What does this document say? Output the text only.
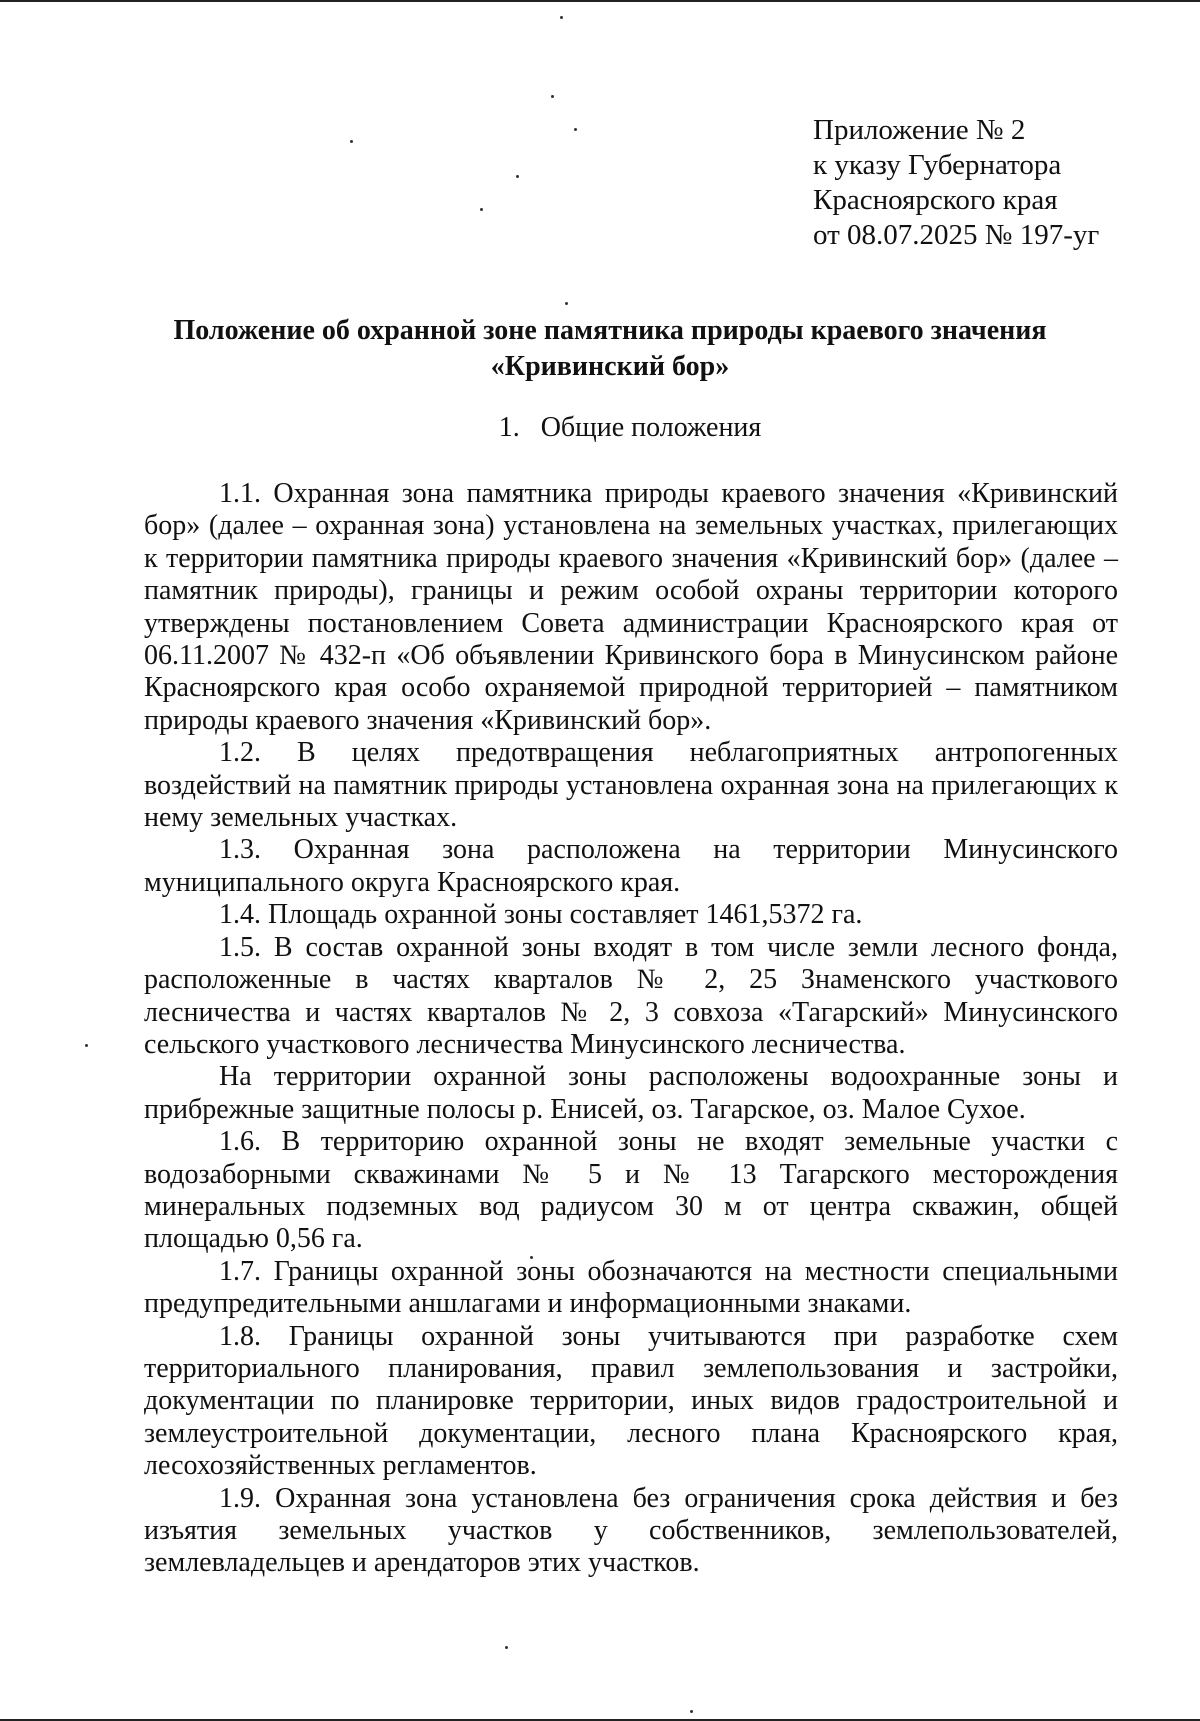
Приложение № 2
к указу Губернатора
Красноярского края
от 08.07.2025 № 197-уг
Положение об охранной зоне памятника природы краевого значения
«Кривинский бор»
1.   Общие положения

1.1. Охранная зона памятника природы краевого значения «Кривинский бор» (далее – охранная зона) установлена на земельных участках, прилегающих к территории памятника природы краевого значения «Кривинский бор» (далее – памятник природы), границы и режим особой охраны территории которого утверждены постановлением Совета администрации Красноярского края от 06.11.2007 № 432-п «Об объявлении Кривинского бора в Минусинском районе Красноярского края особо охраняемой природной территорией – памятником природы краевого значения «Кривинский бор».

1.2. В целях предотвращения неблагоприятных антропогенных воздействий на памятник природы установлена охранная зона на прилегающих к нему земельных участках.

1.3. Охранная зона расположена на территории Минусинского муниципального округа Красноярского края.

1.4. Площадь охранной зоны составляет 1461,5372 га.

1.5. В состав охранной зоны входят в том числе земли лесного фонда, расположенные в частях кварталов № 2, 25 Знаменского участкового лесничества и частях кварталов № 2, 3 совхоза «Тагарский» Минусинского сельского участкового лесничества Минусинского лесничества.

На территории охранной зоны расположены водоохранные зоны и прибрежные защитные полосы р. Енисей, оз. Тагарское, оз. Малое Сухое.

1.6. В территорию охранной зоны не входят земельные участки с водозаборными скважинами № 5 и № 13 Тагарского месторождения минеральных подземных вод радиусом 30 м от центра скважин, общей площадью 0,56 га.

1.7. Границы охранной зоны обозначаются на местности специальными предупредительными аншлагами и информационными знаками.

1.8. Границы охранной зоны учитываются при разработке схем территориального планирования, правил землепользования и застройки, документации по планировке территории, иных видов градостроительной и землеустроительной документации, лесного плана Красноярского края, лесохозяйственных регламентов.

1.9. Охранная зона установлена без ограничения срока действия и без изъятия земельных участков у собственников, землепользователей, землевладельцев и арендаторов этих участков.
